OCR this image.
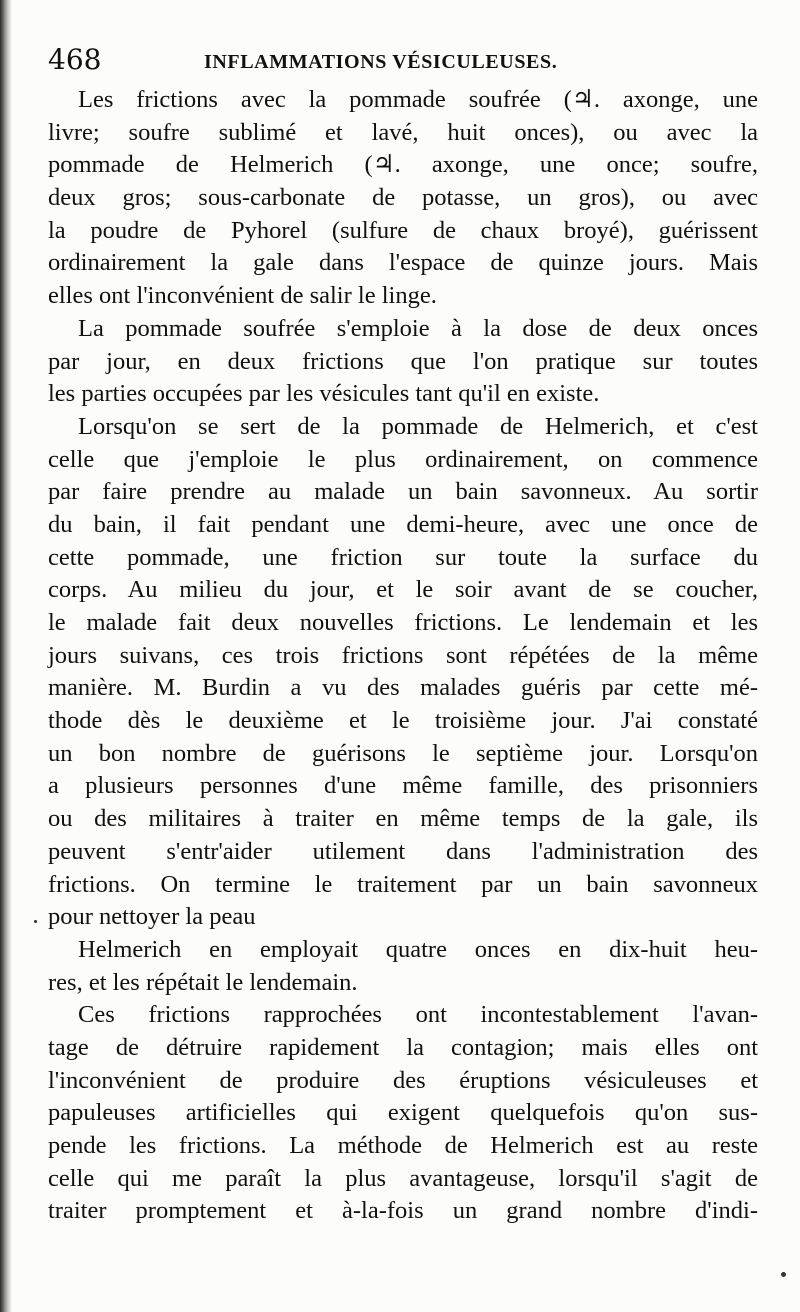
468	INFLAMMATIONS VÉSICULEUSES.
Les frictions avec la pommade soufrée (♃. axonge, une
livre; soufre sublimé et lavé, huit onces), ou avec la
pommade de Helmerich (♃. axonge, une once; soufre,
deux gros; sous-carbonate de potasse, un gros), ou avec
la poudre de Pyhorel (sulfure de chaux broyé), guérissent
ordinairement la gale dans l'espace de quinze jours. Mais
elles ont l'inconvénient de salir le linge.
La pommade soufrée s'emploie à la dose de deux onces
par jour, en deux frictions que l'on pratique sur toutes
les parties occupées par les vésicules tant qu'il en existe.
Lorsqu'on se sert de la pommade de Helmerich, et c'est
celle que j'emploie le plus ordinairement, on commence
par faire prendre au malade un bain savonneux. Au sortir
du bain, il fait pendant une demi-heure, avec une once de
cette pommade, une friction sur toute la surface du
corps. Au milieu du jour, et le soir avant de se coucher,
le malade fait deux nouvelles frictions. Le lendemain et les
jours suivans, ces trois frictions sont répétées de la même
manière. M. Burdin a vu des malades guéris par cette mé-
thode dès le deuxième et le troisième jour. J'ai constaté
un bon nombre de guérisons le septième jour. Lorsqu'on
a plusieurs personnes d'une même famille, des prisonniers
ou des militaires à traiter en même temps de la gale, ils
peuvent s'entr'aider utilement dans l'administration des
frictions. On termine le traitement par un bain savonneux
pour nettoyer la peau
Helmerich en employait quatre onces en dix-huit heu-
res, et les répétait le lendemain.
Ces frictions rapprochées ont incontestablement l'avan-
tage de détruire rapidement la contagion; mais elles ont
l'inconvénient de produire des éruptions vésiculeuses et
papuleuses artificielles qui exigent quelquefois qu'on sus-
pende les frictions. La méthode de Helmerich est au reste
celle qui me paraît la plus avantageuse, lorsqu'il s'agit de
traiter promptement et à-la-fois un grand nombre d'indi-
